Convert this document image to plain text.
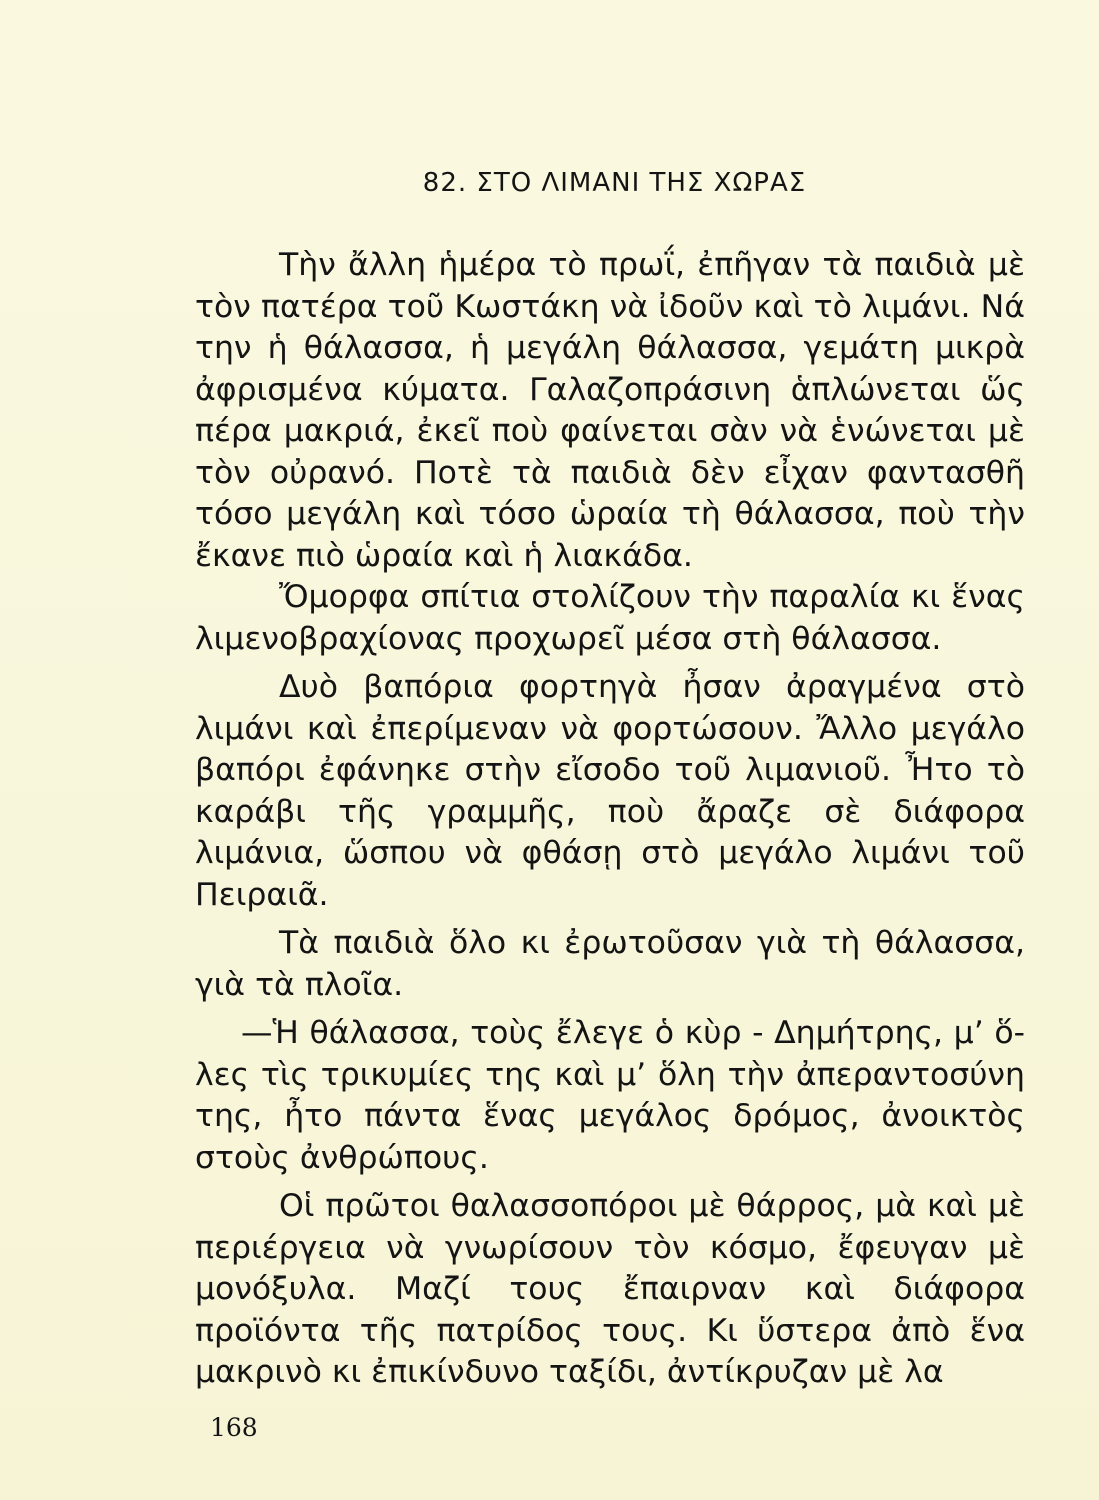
82. ΣΤΟ ΛΙΜΑΝΙ ΤΗΣ ΧΩΡΑΣ

Τὴν ἄλλη ἡμέρα τὸ πρωΐ, ἐπῆγαν τὰ παιδιὰ μὲ τὸν πατέρα τοῦ Κωστάκη νὰ ἰδοῦν καὶ τὸ λιμάνι. Νά την ἡ θάλασσα, ἡ μεγάλη θάλασσα, γεμάτη μικρὰ ἀφρισμένα κύματα. Γαλαζοπράσινη ἁπλώνεται ὥς πέρα μακριά, ἐκεῖ ποὺ φαίνεται σὰν νὰ ἑνώνεται μὲ τὸν οὐρανό. Ποτὲ τὰ παιδιὰ δὲν εἶχαν φαντασθῆ τόσο μεγάλη καὶ τόσο ὡραία τὴ θάλασσα, ποὺ τὴν ἔκανε πιὸ ὡραία καὶ ἡ λιακάδα.

Ὄμορφα σπίτια στολίζουν τὴν παραλία κι ἕνας λιμενοβραχίονας προχωρεῖ μέσα στὴ θάλασσα.

Δυὸ βαπόρια φορτηγὰ ἦσαν ἀραγμένα στὸ λιμάνι καὶ ἐπερίμεναν νὰ φορτώσουν. Ἄλλο μεγάλο βαπόρι ἐφάνηκε στὴν εἴσοδο τοῦ λιμανιοῦ. Ἦτο τὸ καράβι τῆς γραμμῆς, ποὺ ἄραζε σὲ διάφορα λιμάνια, ὥσπου νὰ φθάσῃ στὸ μεγάλο λιμάνι τοῦ Πειραιᾶ.

Τὰ παιδιὰ ὅλο κι ἐρωτοῦσαν γιὰ τὴ θάλασσα, γιὰ τὰ πλοῖα.

—Ἡ θάλασσα, τοὺς ἔλεγε ὁ κὺρ - Δημήτρης, μ’ ὅλες τὶς τρικυμίες της καὶ μ’ ὅλη τὴν ἀπεραντοσύνη της, ἦτο πάντα ἕνας μεγάλος δρόμος, ἀνοικτὸς στοὺς ἀνθρώπους.

Οἱ πρῶτοι θαλασσοπόροι μὲ θάρρος, μὰ καὶ μὲ περιέργεια νὰ γνωρίσουν τὸν κόσμο, ἔφευγαν μὲ μονόξυλα. Μαζί τους ἔπαιρναν καὶ διάφορα προϊόντα τῆς πατρίδος τους. Κι ὕστερα ἀπὸ ἕνα μακρινὸ κι ἐπικίνδυνο ταξίδι, ἀντίκρυζαν μὲ λα

168
